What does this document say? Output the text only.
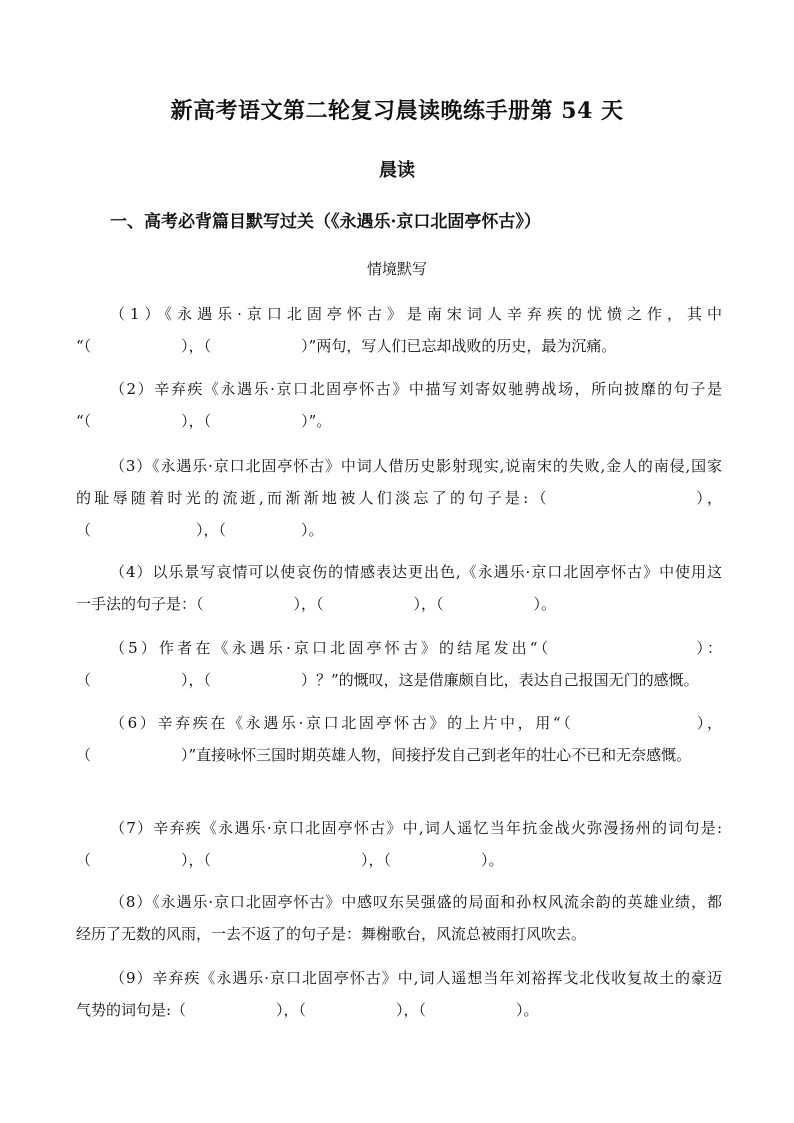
新高考语文第二轮复习晨读晚练手册第 54 天
晨读
一、高考必背篇目默写过关（《永遇乐·京口北固亭怀古》）
情境默写

（1）《永遇乐·京口北固亭怀古》是南宋词人辛弃疾的忧愤之作，其中

“（　　　　　　），（　　　　　　）”两句，写人们已忘却战败的历史，最为沉痛。

（2）辛弃疾《永遇乐·京口北固亭怀古》中描写刘寄奴驰骋战场，所向披靡的句子是

“（　　　　　　），（　　　　　　）”。

（3）《永遇乐·京口北固亭怀古》中词人借历史影射现实,说南宋的失败,金人的南侵,国家

的耻辱随着时光的流逝,而渐渐地被人们淡忘了的句子是:（　　　　　　　　），

（　　　　　　　），（　　　　　）。

（4）以乐景写哀情可以使哀伤的情感表达更出色,《永遇乐·京口北固亭怀古》中使用这

一手法的句子是：（　　　　　　），（　　　　　　），（　　　　　　）。

（5）作者在《永遇乐·京口北固亭怀古》的结尾发出“（　　　　　　　　）：

（　　　　　　），（　　　　　　）？”的慨叹，这是借廉颇自比，表达自己报国无门的感慨。

（6）辛弃疾在《永遇乐·京口北固亭怀古》的上片中，用“（　　　　　　　），

（　　　　　　）”直接咏怀三国时期英雄人物，间接抒发自己到老年的壮心不已和无奈感慨。

（7）辛弃疾《永遇乐·京口北固亭怀古》中,词人遥忆当年抗金战火弥漫扬州的词句是:

（　　　　　　），（　　　　　　　　　　），（　　　　　　）。

（8）《永遇乐·京口北固亭怀古》中感叹东吴强盛的局面和孙权风流余韵的英雄业绩，都

经历了无数的风雨，一去不返了的句子是：舞榭歌台，风流总被雨打风吹去。

（9）辛弃疾《永遇乐·京口北固亭怀古》中,词人遥想当年刘裕挥戈北伐收复故土的豪迈

气势的词句是:（　　　　　　），（　　　　　　），（　　　　　　）。
